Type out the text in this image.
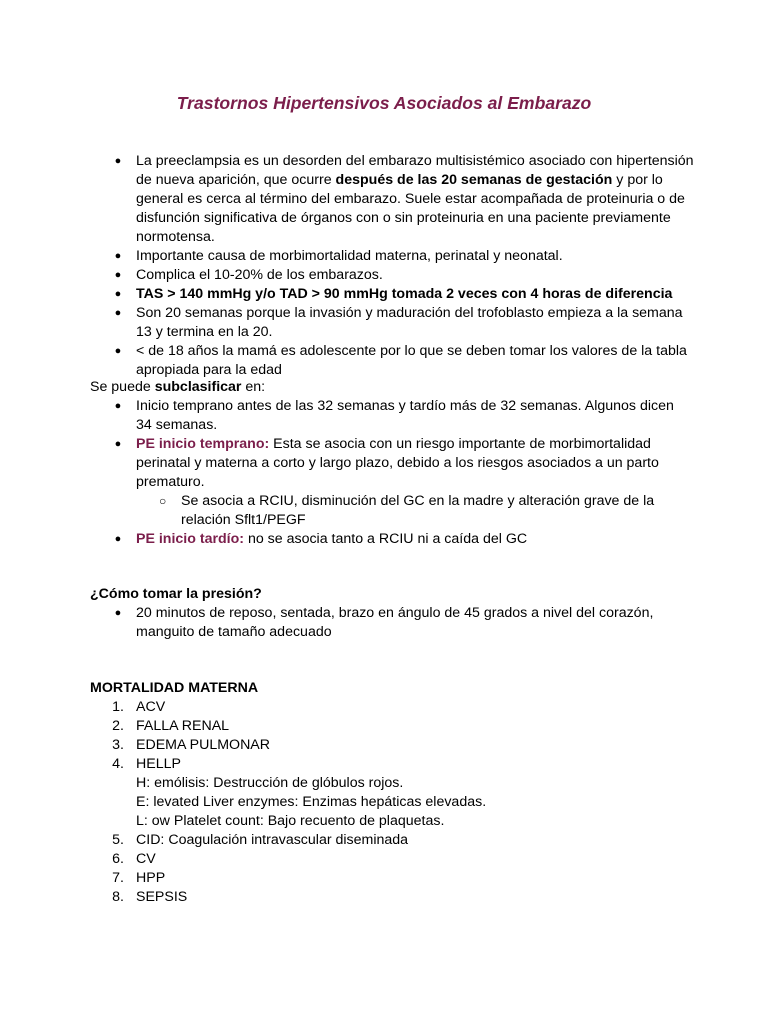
Trastornos Hipertensivos Asociados al Embarazo
●	La preeclampsia es un desorden del embarazo multisistémico asociado con hipertensión
de nueva aparición, que ocurre después de las 20 semanas de gestación y por lo
general es cerca al término del embarazo. Suele estar acompañada de proteinuria o de
disfunción significativa de órganos con o sin proteinuria en una paciente previamente
normotensa.
●	Importante causa de morbimortalidad materna, perinatal y neonatal.
●	Complica el 10-20% de los embarazos.
●	TAS > 140 mmHg y/o TAD > 90 mmHg tomada 2 veces con 4 horas de diferencia
●	Son 20 semanas porque la invasión y maduración del trofoblasto empieza a la semana
13 y termina en la 20.
●	< de 18 años la mamá es adolescente por lo que se deben tomar los valores de la tabla
apropiada para la edad
Se puede subclasificar en:
●	Inicio temprano antes de las 32 semanas y tardío más de 32 semanas. Algunos dicen
34 semanas.
●	PE inicio temprano: Esta se asocia con un riesgo importante de morbimortalidad
perinatal y materna a corto y largo plazo, debido a los riesgos asociados a un parto
prematuro.
○ Se asocia a RCIU, disminución del GC en la madre y alteración grave de la
relación Sflt1/PEGF
●	PE inicio tardío: no se asocia tanto a RCIU ni a caída del GC
¿Cómo tomar la presión?
●	20 minutos de reposo, sentada, brazo en ángulo de 45 grados a nivel del corazón,
manguito de tamaño adecuado
MORTALIDAD MATERNA
1. ACV
2. FALLA RENAL
3. EDEMA PULMONAR
4. HELLP
H: emólisis: Destrucción de glóbulos rojos.
E: levated Liver enzymes: Enzimas hepáticas elevadas.
L: ow Platelet count: Bajo recuento de plaquetas.
5. CID: Coagulación intravascular diseminada
6. CV
7. HPP
8. SEPSIS
